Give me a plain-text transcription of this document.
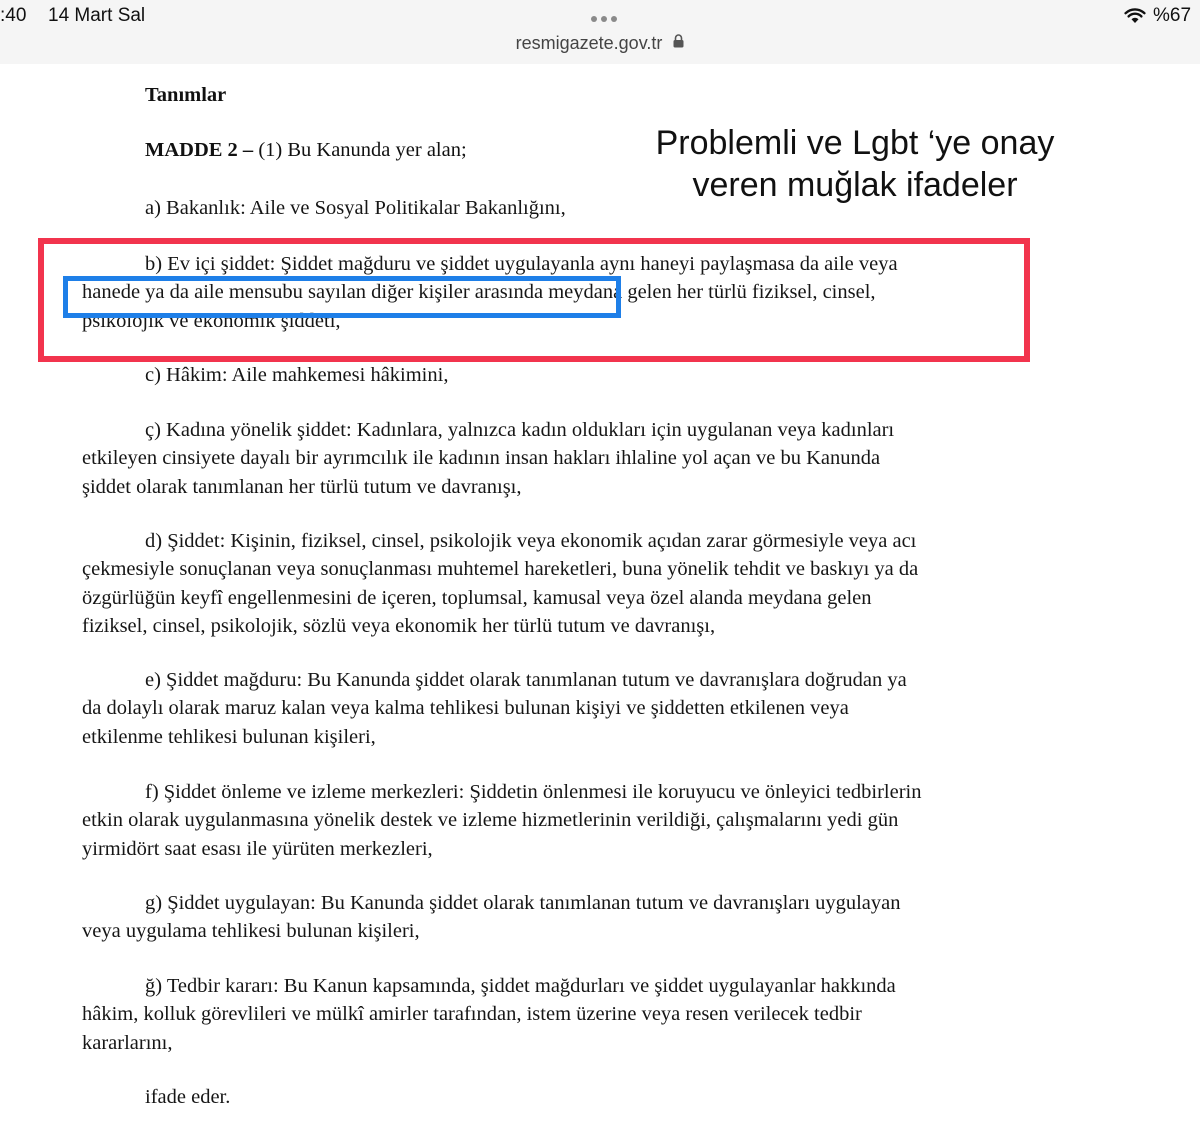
:40 14 Mart Sal
resmigazete.gov.tr
%67

Tanımlar

MADDE 2 – (1) Bu Kanunda yer alan;

a) Bakanlık: Aile ve Sosyal Politikalar Bakanlığını,

b) Ev içi şiddet: Şiddet mağduru ve şiddet uygulayanla aynı haneyi paylaşmasa da aile veya
hanede ya da aile mensubu sayılan diğer kişiler arasında meydana gelen her türlü fiziksel, cinsel,
psikolojik ve ekonomik şiddeti,

c) Hâkim: Aile mahkemesi hâkimini,

ç) Kadına yönelik şiddet: Kadınlara, yalnızca kadın oldukları için uygulanan veya kadınları
etkileyen cinsiyete dayalı bir ayrımcılık ile kadının insan hakları ihlaline yol açan ve bu Kanunda
şiddet olarak tanımlanan her türlü tutum ve davranışı,

d) Şiddet: Kişinin, fiziksel, cinsel, psikolojik veya ekonomik açıdan zarar görmesiyle veya acı
çekmesiyle sonuçlanan veya sonuçlanması muhtemel hareketleri, buna yönelik tehdit ve baskıyı ya da
özgürlüğün keyfî engellenmesini de içeren, toplumsal, kamusal veya özel alanda meydana gelen
fiziksel, cinsel, psikolojik, sözlü veya ekonomik her türlü tutum ve davranışı,

e) Şiddet mağduru: Bu Kanunda şiddet olarak tanımlanan tutum ve davranışlara doğrudan ya
da dolaylı olarak maruz kalan veya kalma tehlikesi bulunan kişiyi ve şiddetten etkilenen veya
etkilenme tehlikesi bulunan kişileri,

f) Şiddet önleme ve izleme merkezleri: Şiddetin önlenmesi ile koruyucu ve önleyici tedbirlerin
etkin olarak uygulanmasına yönelik destek ve izleme hizmetlerinin verildiği, çalışmalarını yedi gün
yirmidört saat esası ile yürüten merkezleri,

g) Şiddet uygulayan: Bu Kanunda şiddet olarak tanımlanan tutum ve davranışları uygulayan
veya uygulama tehlikesi bulunan kişileri,

ğ) Tedbir kararı: Bu Kanun kapsamında, şiddet mağdurları ve şiddet uygulayanlar hakkında
hâkim, kolluk görevlileri ve mülkî amirler tarafından, istem üzerine veya resen verilecek tedbir
kararlarını,

ifade eder.

Problemli ve Lgbt ‘ye onay
veren muğlak ifadeler
